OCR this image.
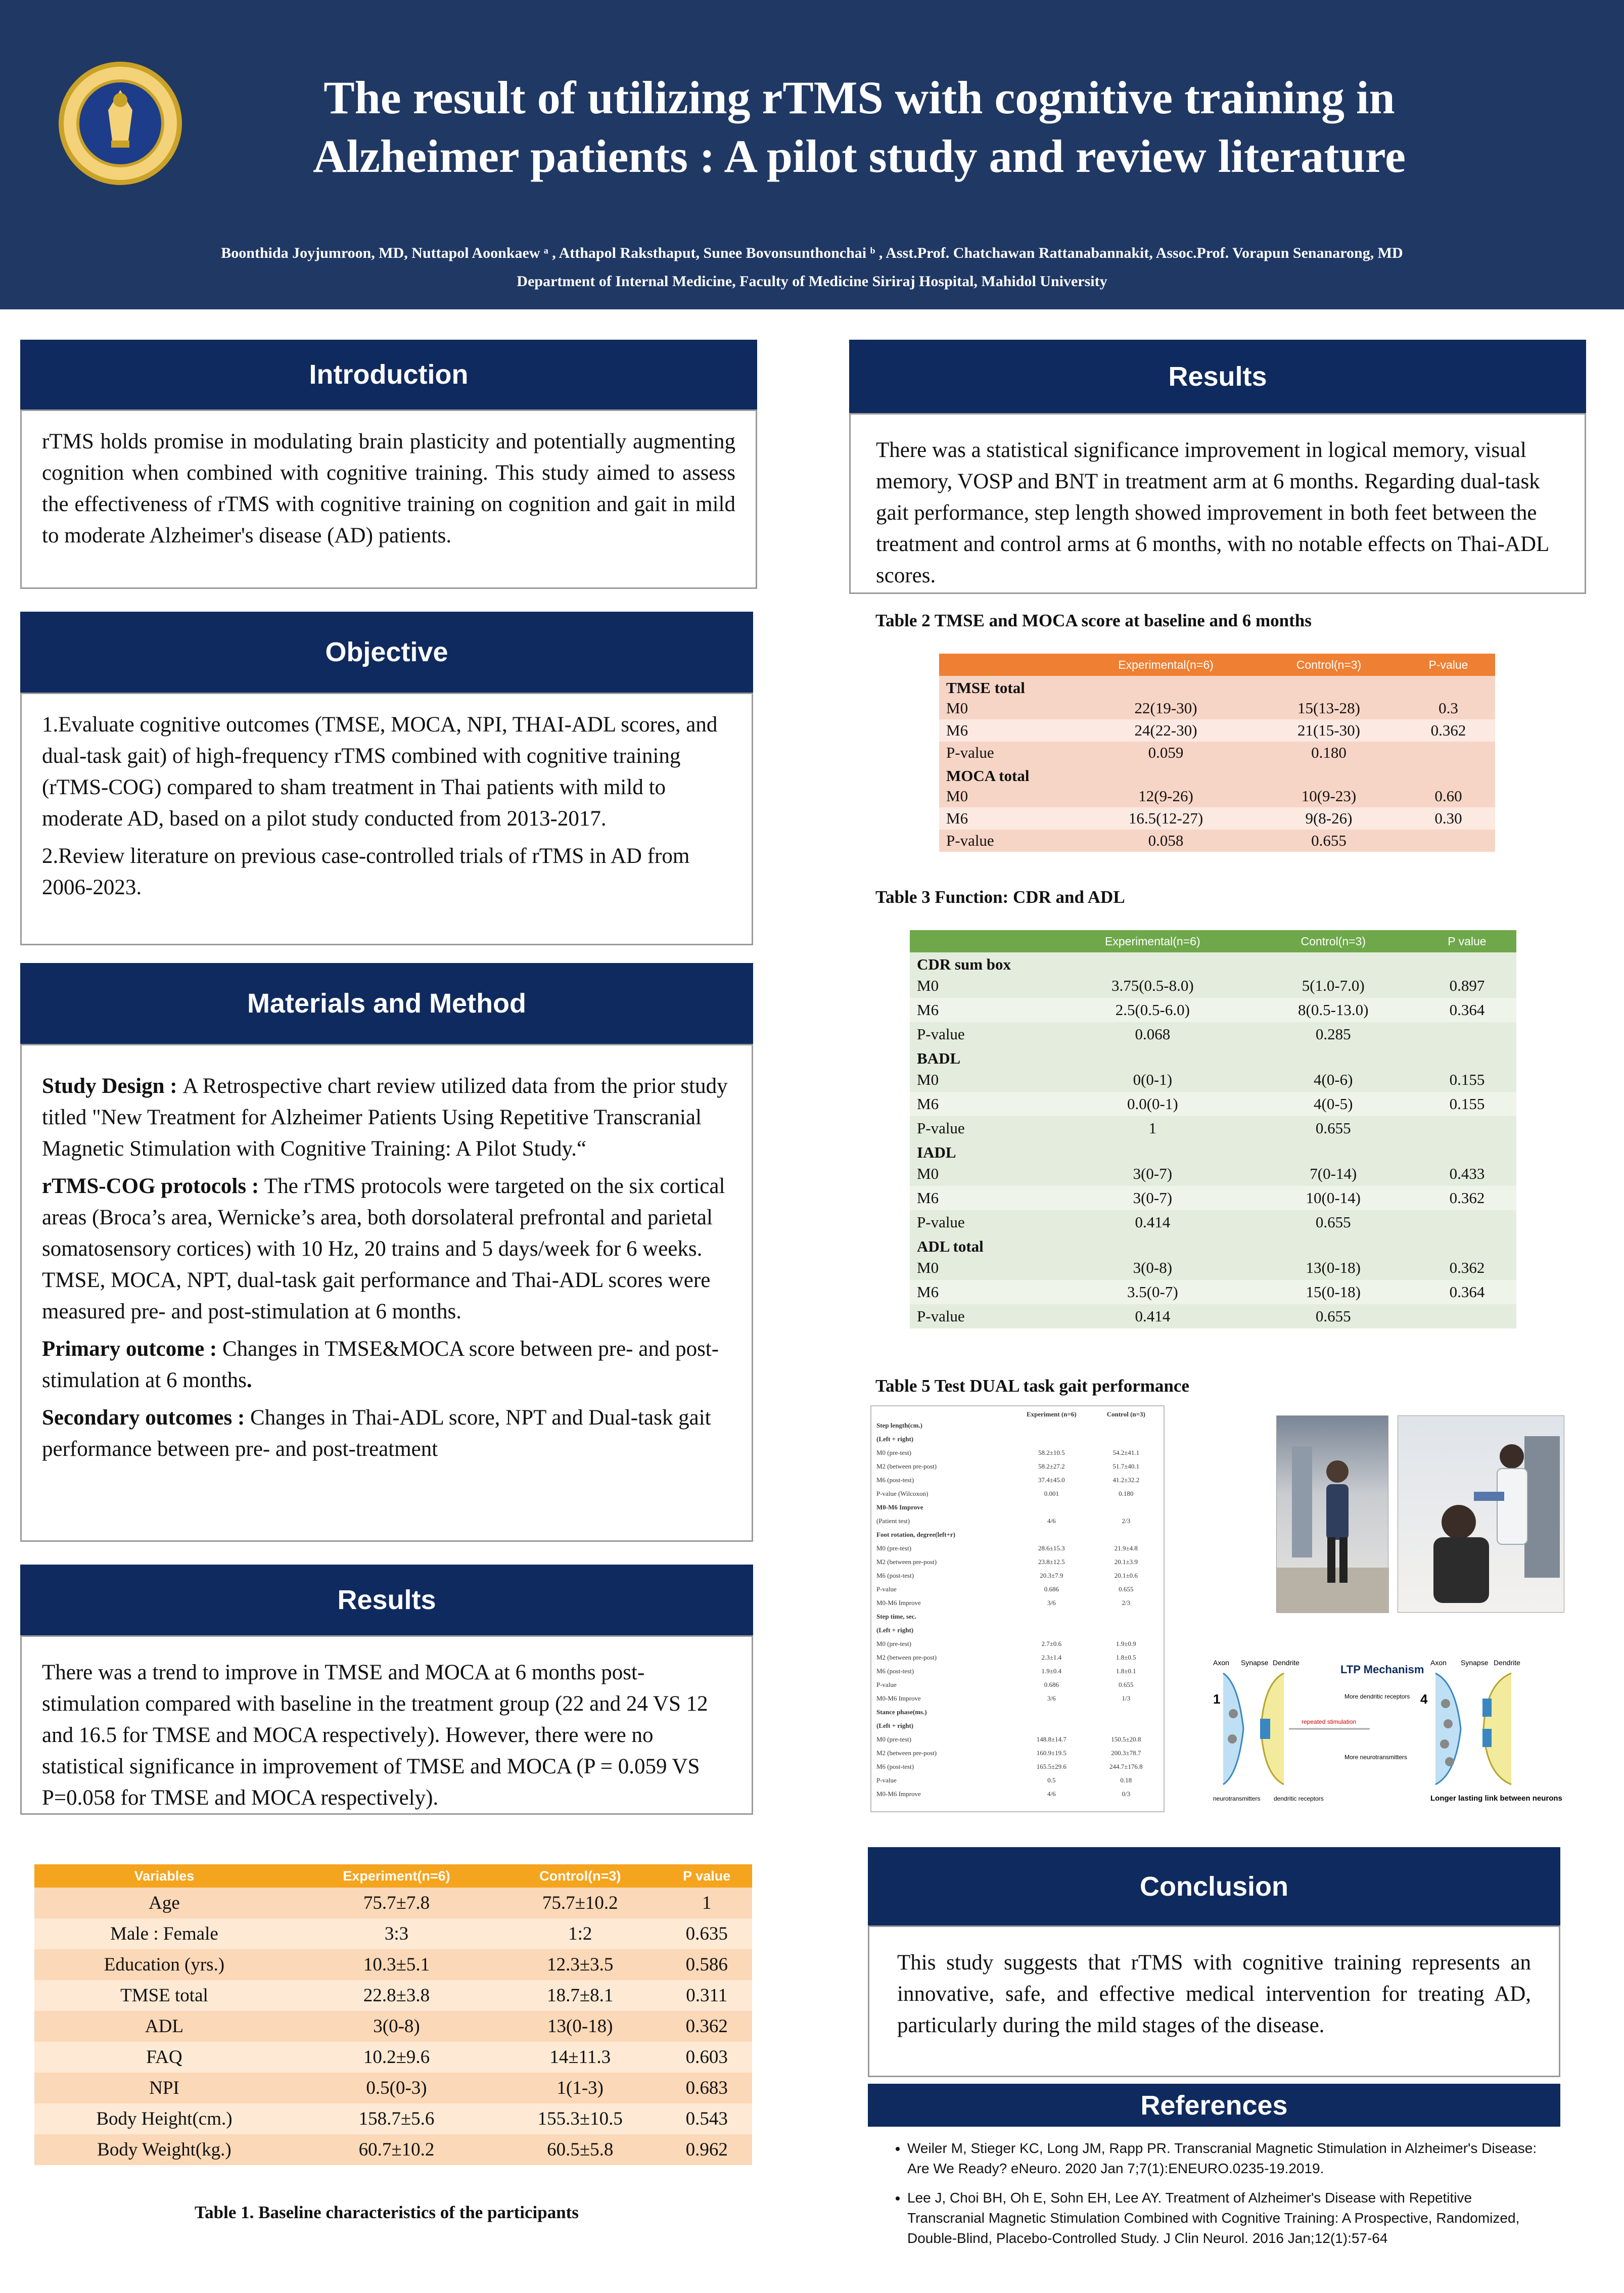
The result of utilizing rTMS with cognitive training in
Alzheimer patients : A pilot study and review literature
Boonthida Joyjumroon, MD, Nuttapol Aoonkaew ᵃ , Atthapol Raksthaput, Sunee Bovonsunthonchai ᵇ , Asst.Prof. Chatchawan Rattanabannakit, Assoc.Prof. Vorapun Senanarong, MD
Department of Internal Medicine, Faculty of Medicine Siriraj Hospital, Mahidol University
Introduction
rTMS holds promise in modulating brain plasticity and potentially augmenting cognition when combined with cognitive training. This study aimed to assess the effectiveness of rTMS with cognitive training on cognition and gait in mild to moderate Alzheimer's disease (AD) patients.
Objective

1.Evaluate cognitive outcomes (TMSE, MOCA, NPI, THAI-ADL scores, and dual-task gait) of high-frequency rTMS combined with cognitive training (rTMS-COG) compared to sham treatment in Thai patients with mild to moderate AD, based on a pilot study conducted from 2013-2017.

2.Review literature on previous case-controlled trials of rTMS in AD from 2006-2023.

Materials and Method

Study Design : A Retrospective chart review utilized data from the prior study titled "New Treatment for Alzheimer Patients Using Repetitive Transcranial Magnetic Stimulation with Cognitive Training: A Pilot Study.“

rTMS-COG protocols : The rTMS protocols were targeted on the six cortical areas (Broca’s area, Wernicke’s area, both dorsolateral prefrontal and parietal somatosensory cortices) with 10 Hz, 20 trains and 5 days/week for 6 weeks. TMSE, MOCA, NPT, dual-task gait performance and Thai-ADL scores were measured pre- and post-stimulation at 6 months.

Primary outcome : Changes in TMSE&MOCA score between pre- and post-stimulation at 6 months.

Secondary outcomes : Changes in Thai-ADL score, NPT and Dual-task gait performance between pre- and post-treatment

Results
There was a trend to improve in TMSE and MOCA at 6 months post-stimulation compared with baseline in the treatment group (22 and 24 VS 12 and 16.5 for TMSE and MOCA respectively). However, there were no statistical significance in improvement of TMSE and MOCA (P = 0.059 VS P=0.058 for TMSE and MOCA respectively).
Variables	Experiment(n=6)	Control(n=3)	P value
Age	75.7±7.8	75.7±10.2	1
Male : Female	3:3	1:2	0.635
Education (yrs.)	10.3±5.1	12.3±3.5	0.586
TMSE total	22.8±3.8	18.7±8.1	0.311
ADL	3(0-8)	13(0-18)	0.362
FAQ	10.2±9.6	14±11.3	0.603
NPI	0.5(0-3)	1(1-3)	0.683
Body Height(cm.)	158.7±5.6	155.3±10.5	0.543
Body Weight(kg.)	60.7±10.2	60.5±5.8	0.962
Table 1. Baseline characteristics of the participants
Results
There was a statistical significance improvement in logical memory, visual memory, VOSP and BNT in treatment arm at 6 months. Regarding dual-task gait performance, step length showed improvement in both feet between the treatment and control arms at 6 months, with no notable effects on Thai-ADL scores.
Table 2 TMSE and MOCA score at baseline and 6 months
	Experimental(n=6)	Control(n=3)	P-value
TMSE total			
M0	22(19-30)	15(13-28)	0.3
M6	24(22-30)	21(15-30)	0.362
P-value	0.059	0.180	
MOCA total			
M0	12(9-26)	10(9-23)	0.60
M6	16.5(12-27)	9(8-26)	0.30
P-value	0.058	0.655	
Table 3 Function: CDR and ADL
	Experimental(n=6)	Control(n=3)	P value
CDR sum box			
M0	3.75(0.5-8.0)	5(1.0-7.0)	0.897
M6	2.5(0.5-6.0)	8(0.5-13.0)	0.364
P-value	0.068	0.285	
BADL			
M0	0(0-1)	4(0-6)	0.155
M6	0.0(0-1)	4(0-5)	0.155
P-value	1	0.655	
IADL			
M0	3(0-7)	7(0-14)	0.433
M6	3(0-7)	10(0-14)	0.362
P-value	0.414	0.655	
ADL total			
M0	3(0-8)	13(0-18)	0.362
M6	3.5(0-7)	15(0-18)	0.364
P-value	0.414	0.655	
Table 5 Test DUAL task gait performance
	Experiment (n=6)	Control (n=3)
Step length(cm.)		
(Left + right)		
M0 (pre-test)	58.2±10.5	54.2±41.1
M2 (between pre-post)	58.2±27.2	51.7±40.1
M6 (post-test)	37.4±45.0	41.2±32.2
P-value (Wilcoxon)	0.001	0.180
M0-M6 Improve		
(Patient test)	4/6	2/3
Foot rotation, degree(left+r)		
M0 (pre-test)	28.6±15.3	21.9±4.8
M2 (between pre-post)	23.8±12.5	20.1±3.9
M6 (post-test)	20.3±7.9	20.1±0.6
P-value	0.686	0.655
M0-M6 Improve	3/6	2/3
Step time, sec.		
(Left + right)		
M0 (pre-test)	2.7±0.6	1.9±0.9
M2 (between pre-post)	2.3±1.4	1.8±0.5
M6 (post-test)	1.9±0.4	1.8±0.1
P-value	0.686	0.655
M0-M6 Improve	3/6	1/3
Stance phase(ms.)		
(Left + right)		
M0 (pre-test)	148.8±14.7	150.5±20.8
M2 (between pre-post)	160.9±19.5	200.3±78.7
M6 (post-test)	165.5±29.6	244.7±176.8
P-value	0.5	0.18
M0-M6 Improve	4/6	0/3
Axon Synapse Dendrite
1
LTP Mechanism
repeated stimulation
More dendritic receptors
More neurotransmitters
neurotransmitters dendritic receptors
Axon Synapse Dendrite
4
Longer lasting link between neurons
Conclusion
This study suggests that rTMS with cognitive training represents an innovative, safe, and effective medical intervention for treating AD, particularly during the mild stages of the disease.
References
• Weiler M, Stieger KC, Long JM, Rapp PR. Transcranial Magnetic Stimulation in Alzheimer's Disease: Are We Ready? eNeuro. 2020 Jan 7;7(1):ENEURO.0235-19.2019.
• Lee J, Choi BH, Oh E, Sohn EH, Lee AY. Treatment of Alzheimer's Disease with Repetitive Transcranial Magnetic Stimulation Combined with Cognitive Training: A Prospective, Randomized, Double-Blind, Placebo-Controlled Study. J Clin Neurol. 2016 Jan;12(1):57-64
